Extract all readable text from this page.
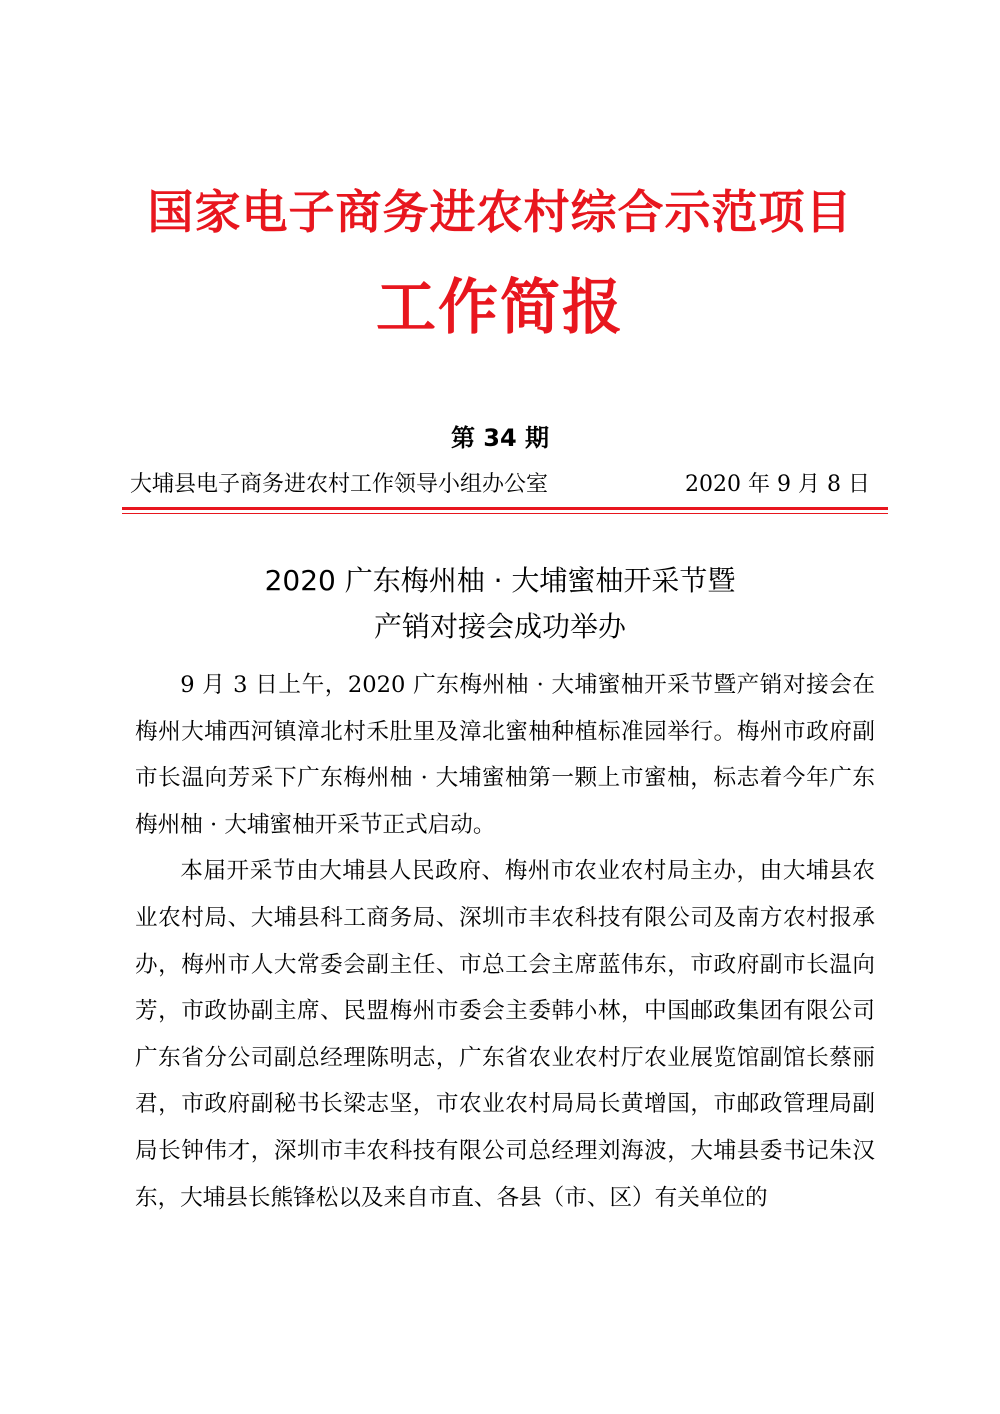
国家电子商务进农村综合示范项目
工作简报
第 34 期
大埔县电子商务进农村工作领导小组办公室	2020 年 9 月 8 日
2020 广东梅州柚 · 大埔蜜柚开采节暨
产销对接会成功举办

9 月 3 日上午，2020 广东梅州柚 · 大埔蜜柚开采节暨产销对接会在梅州大埔西河镇漳北村禾肚里及漳北蜜柚种植标准园举行。梅州市政府副市长温向芳采下广东梅州柚 · 大埔蜜柚第一颗上市蜜柚，标志着今年广东梅州柚 · 大埔蜜柚开采节正式启动。

本届开采节由大埔县人民政府、梅州市农业农村局主办，由大埔县农业农村局、大埔县科工商务局、深圳市丰农科技有限公司及南方农村报承办，梅州市人大常委会副主任、市总工会主席蓝伟东，市政府副市长温向芳，市政协副主席、民盟梅州市委会主委韩小林，中国邮政集团有限公司广东省分公司副总经理陈明志，广东省农业农村厅农业展览馆副馆长蔡丽君，市政府副秘书长梁志坚，市农业农村局局长黄增国，市邮政管理局副局长钟伟才，深圳市丰农科技有限公司总经理刘海波，大埔县委书记朱汉东，大埔县长熊锋松以及来自市直、各县（市、区）有关单位的
